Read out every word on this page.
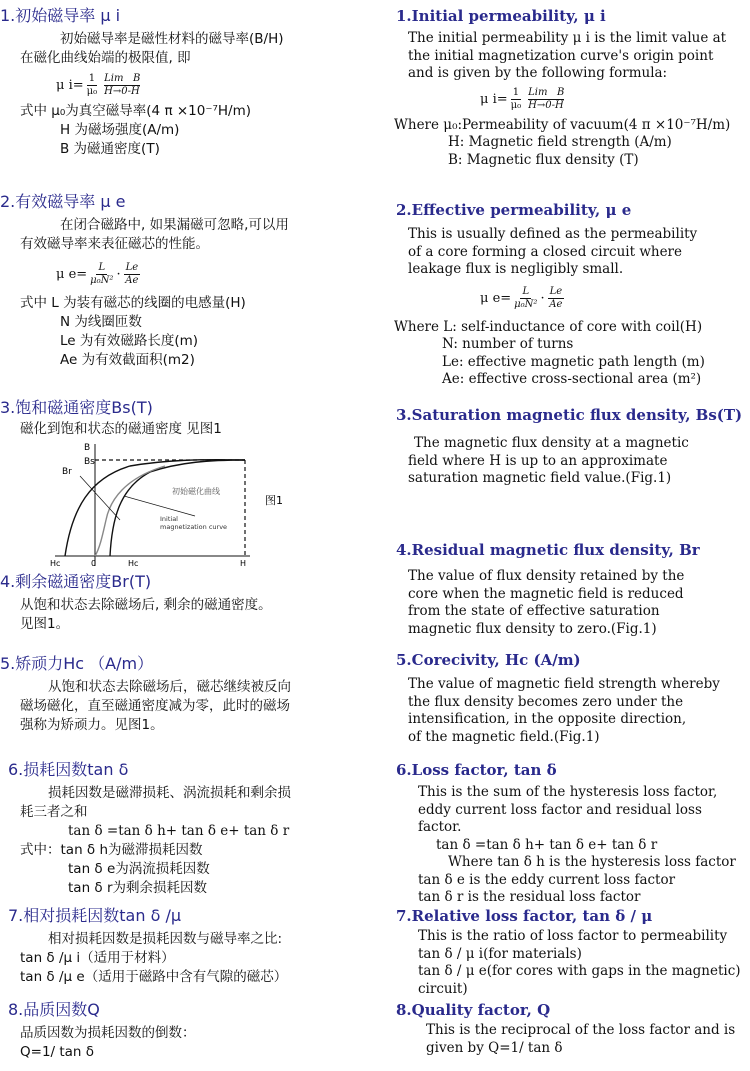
1.初始磁导率 μ i
初始磁导率是磁性材料的磁导率(B/H)
在磁化曲线始端的极限值, 即
μ $i= \frac{1}{\text{μ₀}}$ Lim B
H→0-H
式中 μ₀为真空磁导率(4 π ×10⁻⁷H/m)
H 为磁场强度(A/m)
B 为磁通密度(T)
2.有效磁导率 μ e
在闭合磁路中, 如果漏磁可忽略,可以用
有效磁导率来表征磁芯的性能。
μ $e= \frac{L}{\text{μ₀N²}} \cdot \frac{Le}{Ae}$
式中 L 为装有磁芯的线圈的电感量(H)
N 为线圈匝数
Le 为有效磁路长度(m)
Ae 为有效截面积(m2)
3.饱和磁通密度Bs(T)
磁化到饱和状态的磁通密度 见图1
B
Bs
Br
Hc	0	Hc	H
初始磁化曲线
Initial
magnetization curve
图1
4.剩余磁通密度Br(T)
从饱和状态去除磁场后, 剩余的磁通密度。
见图1。
5.矫顽力Hc （A/m）
从饱和状态去除磁场后，磁芯继续被反向
磁场磁化，直至磁通密度减为零，此时的磁场
强称为矫顽力。见图1。
6.损耗因数tan δ
损耗因数是磁滞损耗、涡流损耗和剩余损
耗三者之和
tan δ =tan δ h+ tan δ e+ tan δ r
式中：tan δ h为磁滞损耗因数
tan δ e为涡流损耗因数
tan δ r为剩余损耗因数
7.相对损耗因数tan δ /μ
相对损耗因数是损耗因数与磁导率之比:
tan δ /μ i（适用于材料）
tan δ /μ e（适用于磁路中含有气隙的磁芯）
8.品质因数Q
品质因数为损耗因数的倒数：
Q=1/ tan δ
1.Initial permeability, μ i
The initial permeability μ i is the limit value at
the initial magnetization curve's origin point
and is given by the following formula:
μ $i= \frac{1}{\text{μ₀}}$ Lim B
H→0-H
Where μ₀:Permeability of vacuum(4 π ×10⁻⁷H/m)
H: Magnetic field strength (A/m)
B: Magnetic flux density (T)
2.Effective permeability, μ e
This is usually defined as the permeability
of a core forming a closed circuit where
leakage flux is negligibly small.
μ $e= \frac{L}{\text{μ₀N²}} \cdot \frac{Le}{Ae}$
Where L: self-inductance of core with coil(H)
N: number of turns
Le: effective magnetic path length (m)
Ae: effective cross-sectional area (m²)
3.Saturation magnetic flux density, Bs(T)
The magnetic flux density at a magnetic
field where H is up to an approximate
saturation magnetic field value.(Fig.1)
4.Residual magnetic flux density, Br
The value of flux density retained by the
core when the magnetic field is reduced
from the state of effective saturation
magnetic flux density to zero.(Fig.1)
5.Corecivity, Hc (A/m)
The value of magnetic field strength whereby
the flux density becomes zero under the
intensification, in the opposite direction,
of the magnetic field.(Fig.1)
6.Loss factor, tan δ
This is the sum of the hysteresis loss factor,
eddy current loss factor and residual loss
factor.
tan δ =tan δ h+ tan δ e+ tan δ r
Where tan δ h is the hysteresis loss factor
tan δ e is the eddy current loss factor
tan δ r is the residual loss factor
7.Relative loss factor, tan δ / μ
This is the ratio of loss factor to permeability
tan δ / μ i(for materials)
tan δ / μ e(for cores with gaps in the magnetic)
circuit)
8.Quality factor, Q
This is the reciprocal of the loss factor and is
given by Q=1/ tan δ
